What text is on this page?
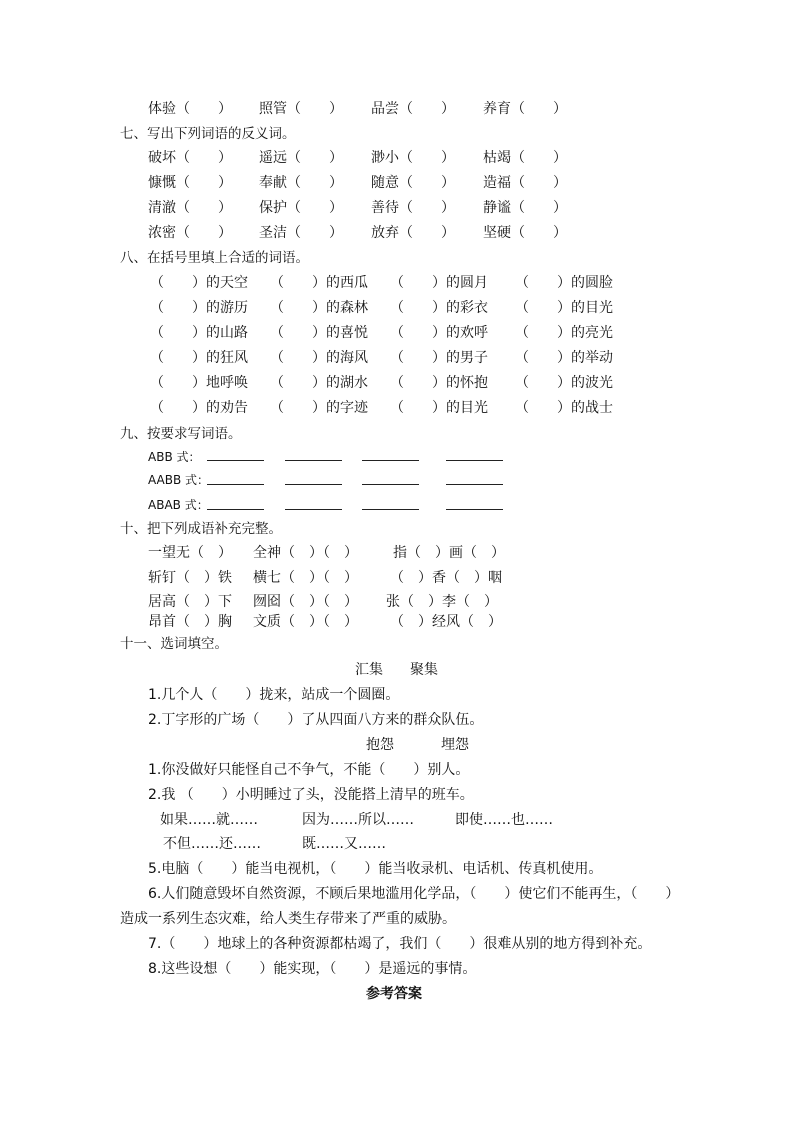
体验（　　） 照管（　　） 品尝（　　） 养育（　　）
七、写出下列词语的反义词。
破坏（　　） 遥远（　　） 渺小（　　） 枯竭（　　）
慷慨（　　） 奉献（　　） 随意（　　） 造福（　　）
清澈（　　） 保护（　　） 善待（　　） 静谧（　　）
浓密（　　） 圣洁（　　） 放弃（　　） 坚硬（　　）
八、在括号里填上合适的词语。
（　　）的天空 （　　）的西瓜 （　　）的圆月 （　　）的圆脸
（　　）的游历 （　　）的森林 （　　）的彩衣 （　　）的目光
（　　）的山路 （　　）的喜悦 （　　）的欢呼 （　　）的亮光
（　　）的狂风 （　　）的海风 （　　）的男子 （　　）的举动
（　　）地呼唤 （　　）的湖水 （　　）的怀抱 （　　）的波光
（　　）的劝告 （　　）的字迹 （　　）的目光 （　　）的战士
九、按要求写词语。
ABB 式：
AABB 式：
ABAB 式：
十、把下列成语补充完整。
一望无（　） 全神（　）（　）	指（　）画（　）
斩钉（　）铁 横七（　）（　） （　）香（　）咽
居高（　）下 囫囵（　）（　） 张（　）李（　）
昂首（　）胸 文质（　）（　） （　）经风（　）
十一、选词填空。
汇集 聚集
1.几个人（　　）拢来，站成一个圆圈。
2.丁字形的广场（　　）了从四面八方来的群众队伍。
抱怨	埋怨
1.你没做好只能怪自己不争气，不能（　　）别人。
2.我 （　　）小明睡过了头，没能搭上清早的班车。
如果……就……	因为……所以……	即使……也……
不但……还……	既……又……
5.电脑（　　）能当电视机，（　　）能当收录机、电话机、传真机使用。
6.人们随意毁坏自然资源，不顾后果地滥用化学品，（　　）使它们不能再生，（　　）
造成一系列生态灾难，给人类生存带来了严重的威胁。
7.（　　）地球上的各种资源都枯竭了，我们（　　）很难从别的地方得到补充。
8.这些设想（　　）能实现，（　　）是遥远的事情。
参考答案
